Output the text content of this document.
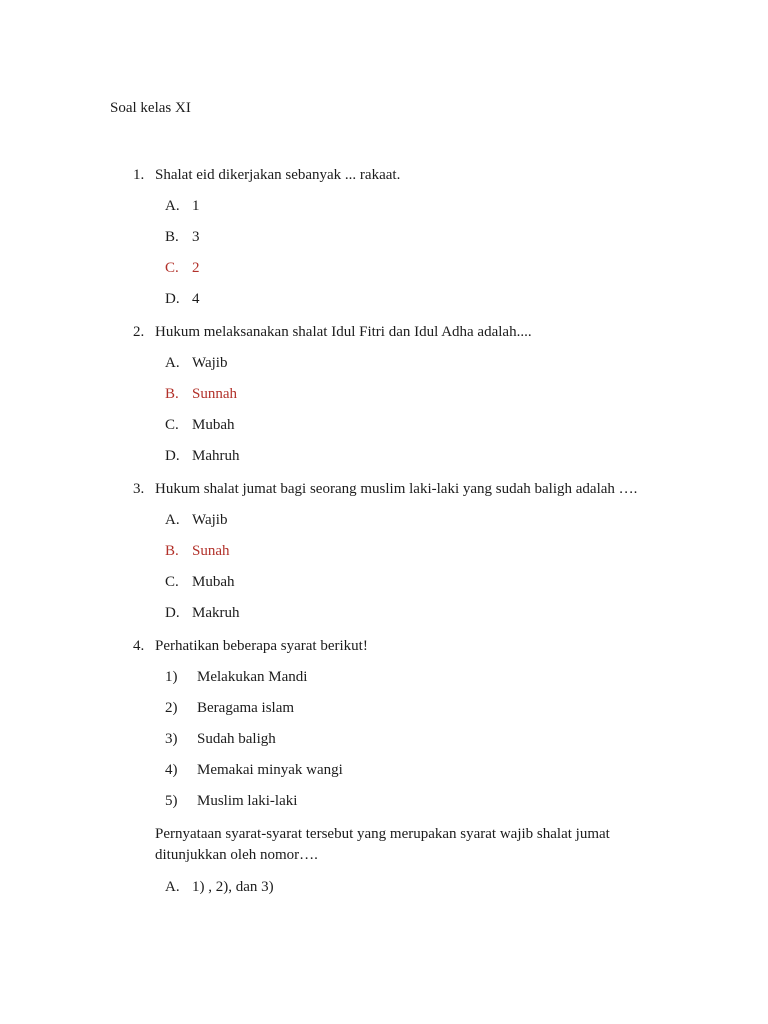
Soal kelas XI
1. Shalat eid dikerjakan sebanyak ... rakaat.
A. 1
B. 3
C. 2
D. 4
2. Hukum melaksanakan shalat Idul Fitri dan Idul Adha adalah....
A. Wajib
B. Sunnah
C. Mubah
D. Mahruh
3. Hukum shalat jumat bagi seorang muslim laki-laki yang sudah baligh adalah ….
A. Wajib
B. Sunah
C. Mubah
D. Makruh
4. Perhatikan beberapa syarat berikut!
1)	Melakukan Mandi
2)	Beragama islam
3)	Sudah baligh
4)	Memakai minyak wangi
5)	Muslim laki-laki
Pernyataan syarat-syarat tersebut yang merupakan syarat wajib shalat jumat ditunjukkan oleh nomor….
A. 1) , 2), dan 3)
